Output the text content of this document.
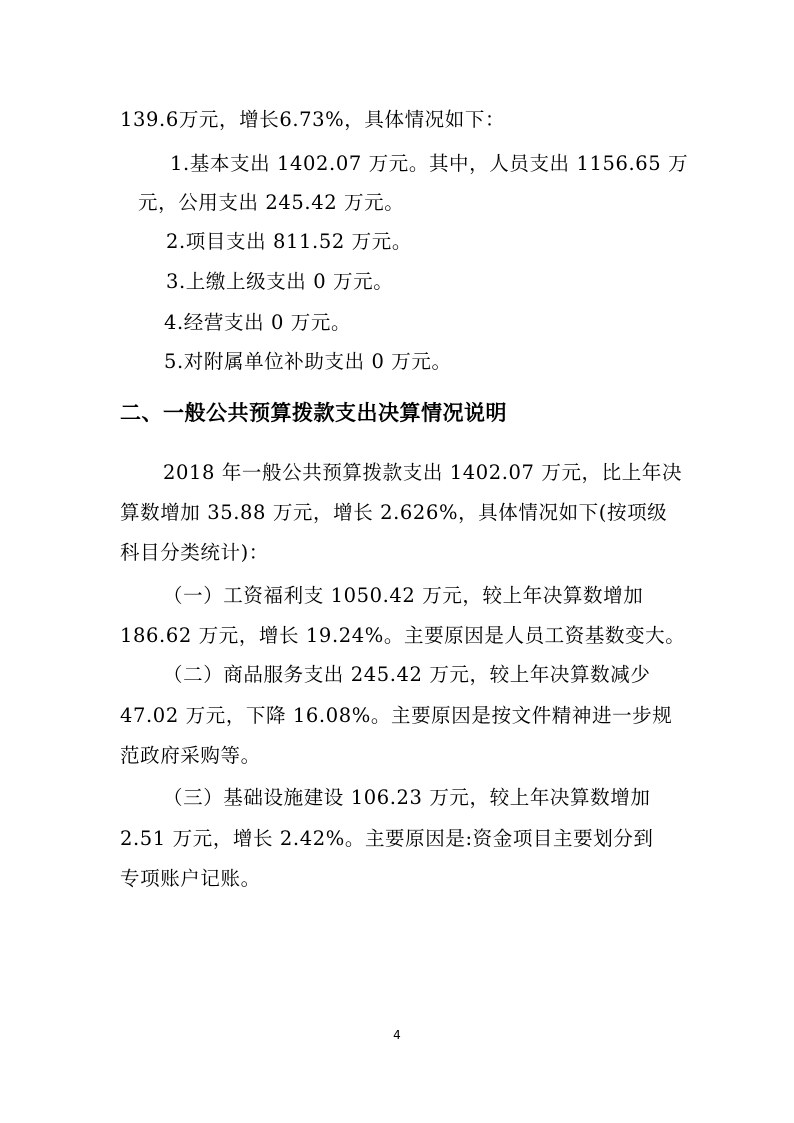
139.6万元，增长6.73%，具体情况如下：
1.基本支出 1402.07 万元。其中，人员支出 1156.65 万
元，公用支出 245.42 万元。
2.项目支出 811.52 万元。
3.上缴上级支出 0 万元。
4.经营支出 0 万元。
5.对附属单位补助支出 0 万元。
二、一般公共预算拨款支出决算情况说明
2018 年一般公共预算拨款支出 1402.07 万元，比上年决
算数增加 35.88 万元，增长 2.626%，具体情况如下(按项级
科目分类统计)：
（一）工资福利支 1050.42 万元，较上年决算数增加
186.62 万元，增长 19.24%。主要原因是人员工资基数变大。
（二）商品服务支出 245.42 万元，较上年决算数减少
47.02 万元，下降 16.08%。主要原因是按文件精神进一步规
范政府采购等。
（三）基础设施建设 106.23 万元，较上年决算数增加
2.51 万元，增长 2.42%。主要原因是:资金项目主要划分到
专项账户记账。
4
